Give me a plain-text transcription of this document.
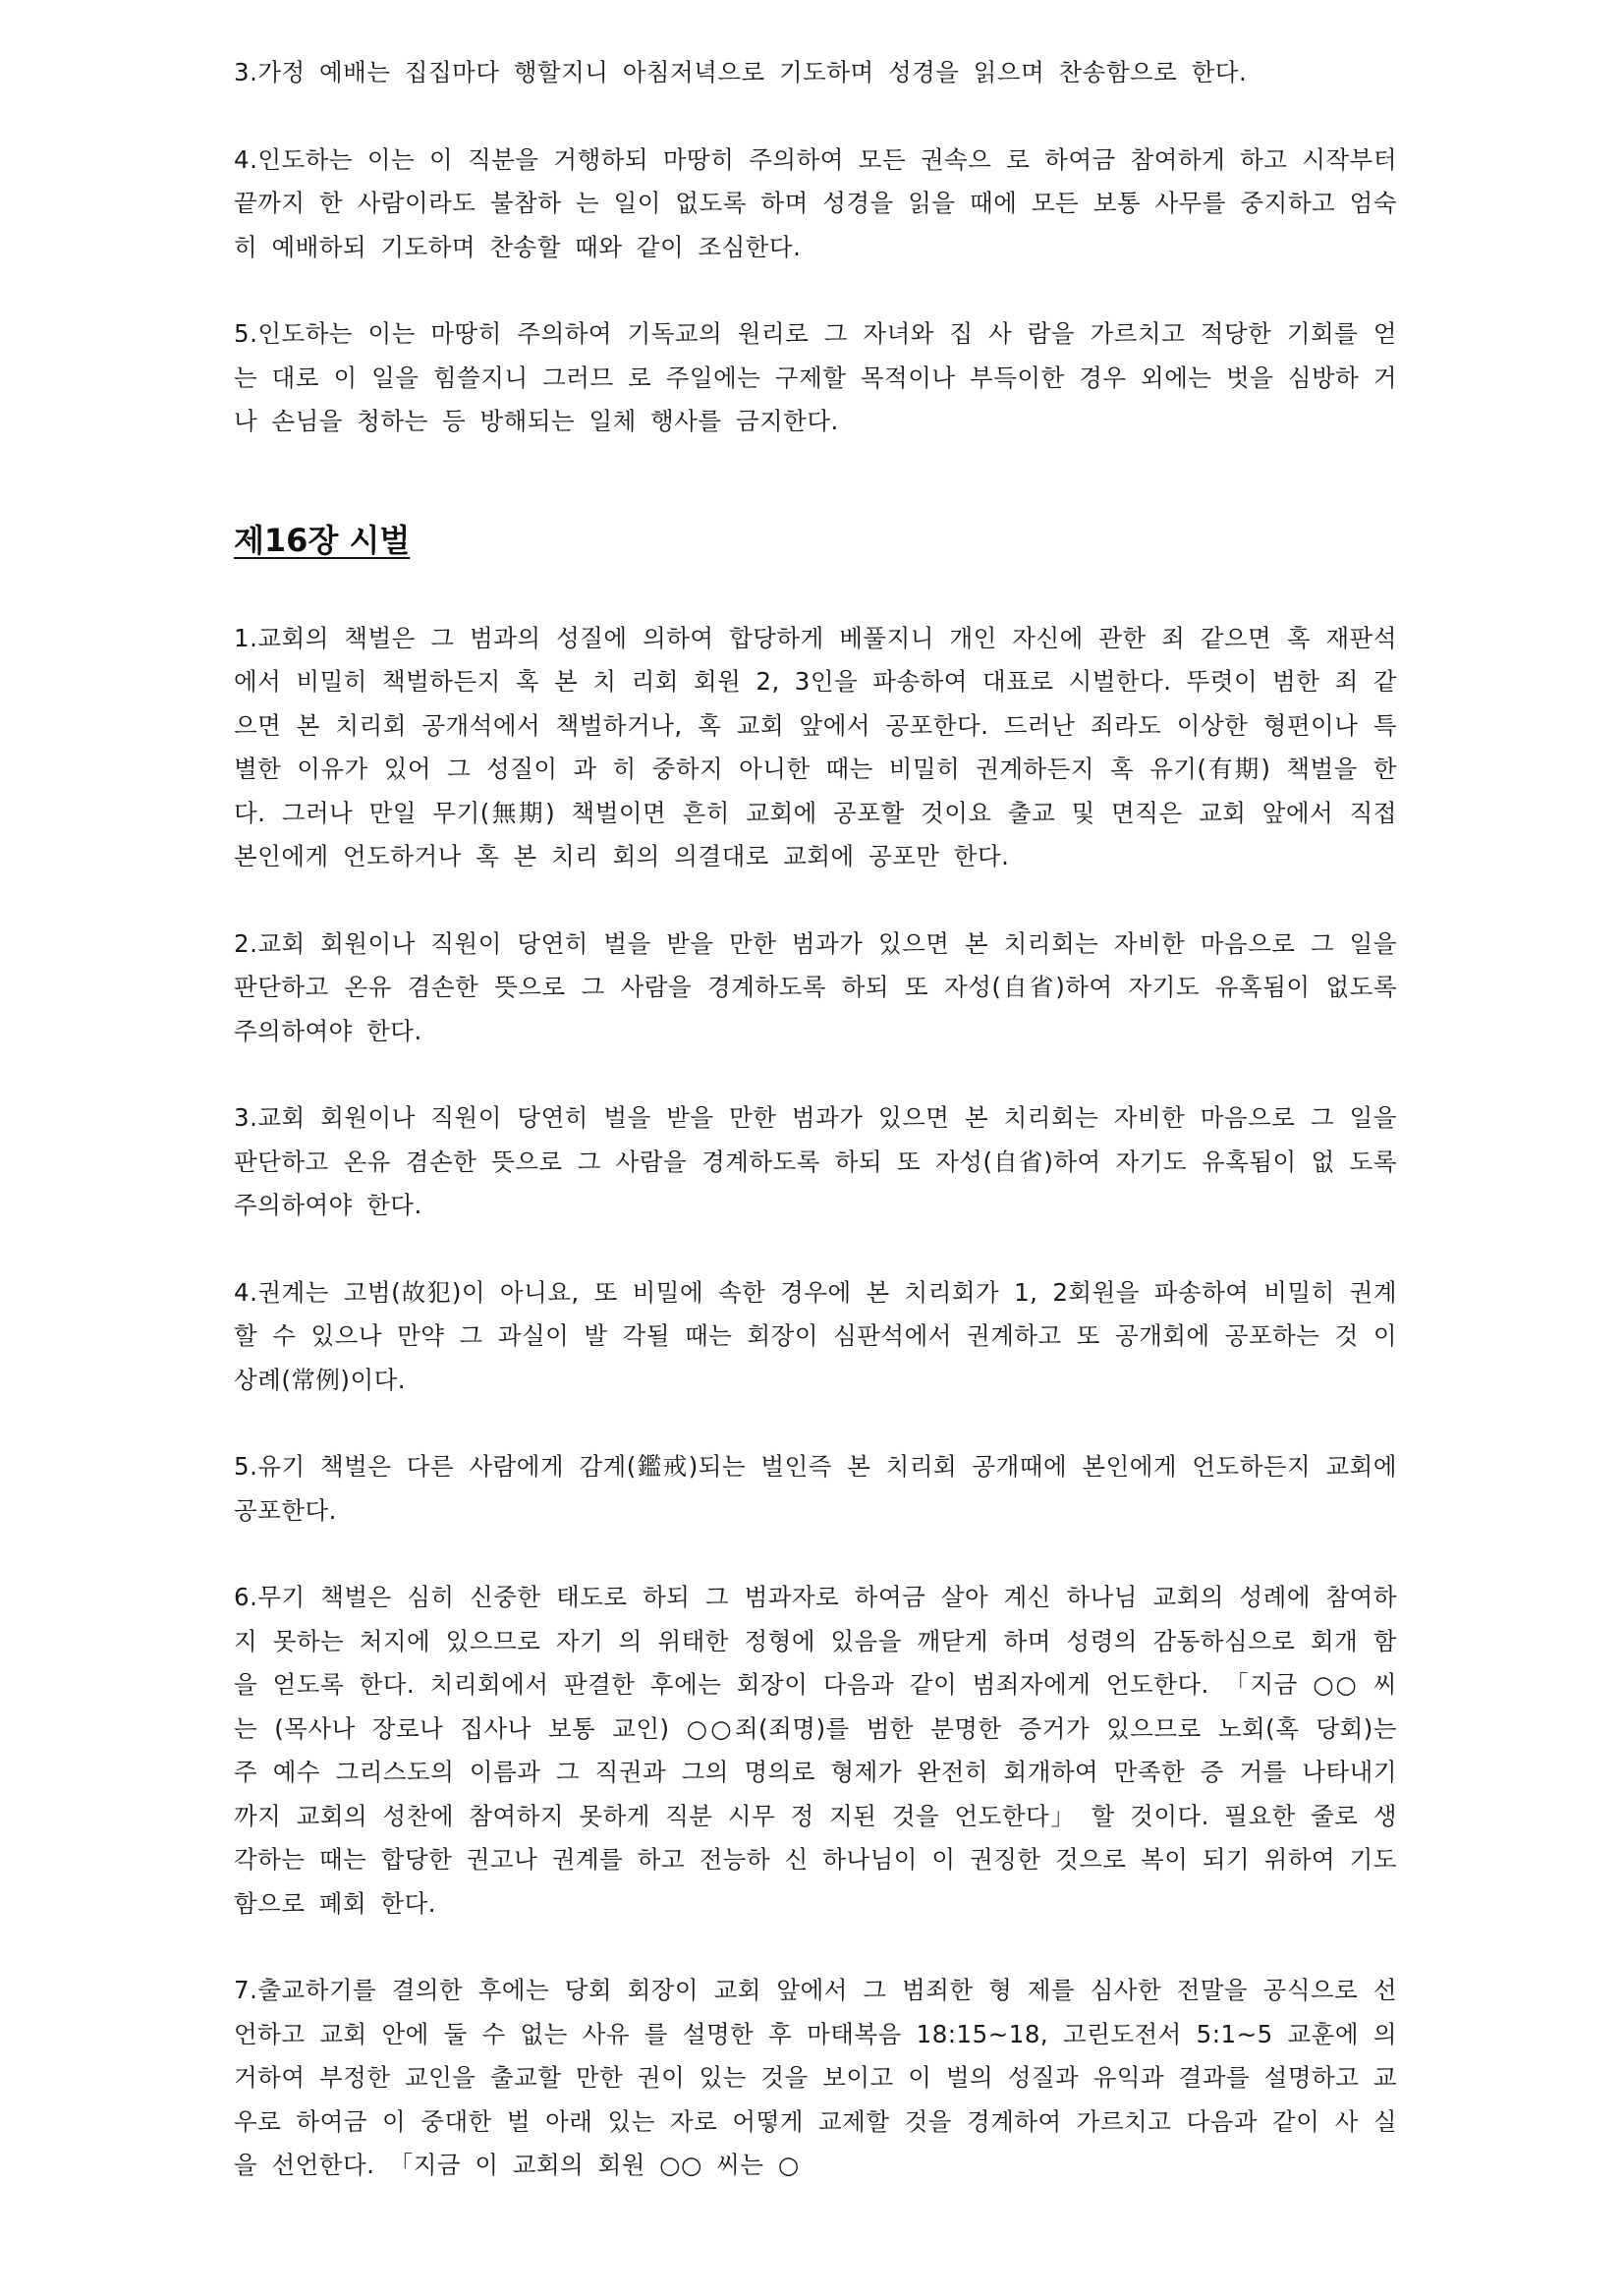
3.가정 예배는 집집마다 행할지니 아침저녁으로 기도하며 성경을 읽으며 찬송함으로 한다.

4.인도하는 이는 이 직분을 거행하되 마땅히 주의하여 모든 권속으 로 하여금 참여하게 하고 시작부터 끝까지 한 사람이라도 불참하 는 일이 없도록 하며 성경을 읽을 때에 모든 보통 사무를 중지하고 엄숙히 예배하되 기도하며 찬송할 때와 같이 조심한다.

5.인도하는 이는 마땅히 주의하여 기독교의 원리로 그 자녀와 집 사 람을 가르치고 적당한 기회를 얻는 대로 이 일을 힘쓸지니 그러므 로 주일에는 구제할 목적이나 부득이한 경우 외에는 벗을 심방하 거나 손님을 청하는 등 방해되는 일체 행사를 금지한다.

제16장 시벌

1.교회의 책벌은 그 범과의 성질에 의하여 합당하게 베풀지니 개인 자신에 관한 죄 같으면 혹 재판석에서 비밀히 책벌하든지 혹 본 치 리회 회원 2, 3인을 파송하여 대표로 시벌한다. 뚜렷이 범한 죄 같 으면 본 치리회 공개석에서 책벌하거나, 혹 교회 앞에서 공포한다. 드러난 죄라도 이상한 형편이나 특별한 이유가 있어 그 성질이 과 히 중하지 아니한 때는 비밀히 권계하든지 혹 유기(有期) 책벌을 한 다. 그러나 만일 무기(無期) 책벌이면 흔히 교회에 공포할 것이요 출교 및 면직은 교회 앞에서 직접 본인에게 언도하거나 혹 본 치리 회의 의결대로 교회에 공포만 한다.

2.교회 회원이나 직원이 당연히 벌을 받을 만한 범과가 있으면 본 치리회는 자비한 마음으로 그 일을 판단하고 온유 겸손한 뜻으로 그 사람을 경계하도록 하되 또 자성(自省)하여 자기도 유혹됨이 없도록 주의하여야 한다.

3.교회 회원이나 직원이 당연히 벌을 받을 만한 범과가 있으면 본 치리회는 자비한 마음으로 그 일을 판단하고 온유 겸손한 뜻으로 그 사람을 경계하도록 하되 또 자성(自省)하여 자기도 유혹됨이 없 도록 주의하여야 한다.

4.권계는 고범(故犯)이 아니요, 또 비밀에 속한 경우에 본 치리회가 1, 2회원을 파송하여 비밀히 권계할 수 있으나 만약 그 과실이 발 각될 때는 회장이 심판석에서 권계하고 또 공개회에 공포하는 것 이 상례(常例)이다.

5.유기 책벌은 다른 사람에게 감계(鑑戒)되는 벌인즉 본 치리회 공개때에 본인에게 언도하든지 교회에 공포한다.

6.무기 책벌은 심히 신중한 태도로 하되 그 범과자로 하여금 살아 계신 하나님 교회의 성례에 참여하지 못하는 처지에 있으므로 자기 의 위태한 정형에 있음을 깨닫게 하며 성령의 감동하심으로 회개 함을 얻도록 한다. 치리회에서 판결한 후에는 회장이 다음과 같이 범죄자에게 언도한다. 「지금 ○○ 씨는 (목사나 장로나 집사나 보통 교인) ○○죄(죄명)를 범한 분명한 증거가 있으므로 노회(혹 당회)는 주 예수 그리스도의 이름과 그 직권과 그의 명의로 형제가 완전히 회개하여 만족한 증 거를 나타내기까지 교회의 성찬에 참여하지 못하게 직분 시무 정 지된 것을 언도한다」 할 것이다. 필요한 줄로 생각하는 때는 합당한 권고나 권계를 하고 전능하 신 하나님이 이 권징한 것으로 복이 되기 위하여 기도함으로 폐회 한다.

7.출교하기를 결의한 후에는 당회 회장이 교회 앞에서 그 범죄한 형 제를 심사한 전말을 공식으로 선언하고 교회 안에 둘 수 없는 사유 를 설명한 후 마태복음 18:15~18, 고린도전서 5:1~5 교훈에 의 거하여 부정한 교인을 출교할 만한 권이 있는 것을 보이고 이 벌의 성질과 유익과 결과를 설명하고 교우로 하여금 이 중대한 벌 아래 있는 자로 어떻게 교제할 것을 경계하여 가르치고 다음과 같이 사 실을 선언한다. 「지금 이 교회의 회원 ○○ 씨는 ○
